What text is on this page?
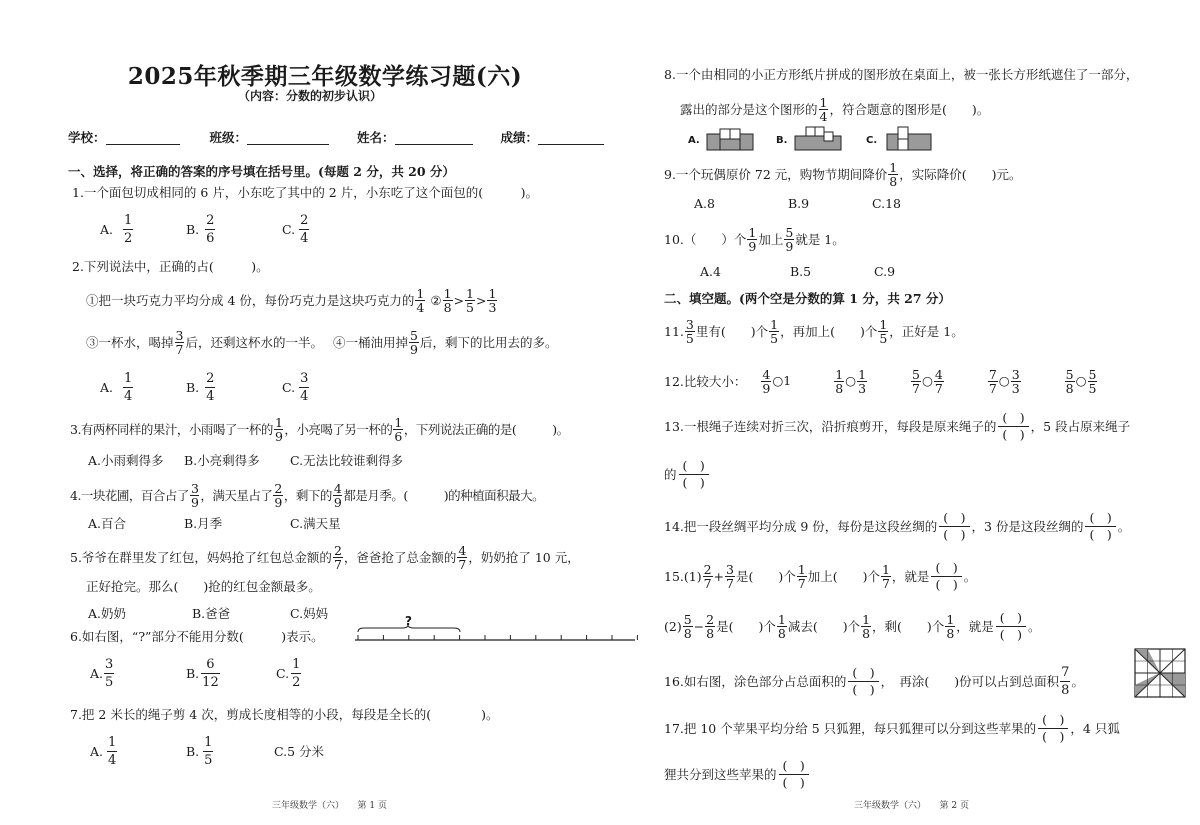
2025年秋季期三年级数学练习题(六)
（内容：分数的初步认识）
学校：	班级：	姓名：	成绩：
一、选择，将正确的答案的序号填在括号里。(每题 2 分，共 20 分）
1.一个面包切成相同的 6 片，小东吃了其中的 2 片，小东吃了这个面包的(　　　)。
A. $\frac{1}{2}$	B. $\frac{2}{6}$	C. $\frac{2}{4}$
2.下列说法中，正确的占(　　　)。
①把一块巧克力平均分成 4 份，每份巧克力是这块巧克力的 $\frac{1}{4}$ ② $\frac{1}{8} > \frac{1}{5} > \frac{1}{3}$
③一杯水，喝掉 $\frac{3}{7}$ 后，还剩这杯水的一半。 ④一桶油用掉 $\frac{5}{9}$ 后，剩下的比用去的多。
A. $\frac{1}{4}$	B. $\frac{2}{4}$	C. $\frac{3}{4}$
3.有两杯同样的果汁，小雨喝了一杯的 $\frac{1}{9}$ ，小亮喝了另一杯的 $\frac{1}{6}$ ，下列说法正确的是(　　　)。
A.小雨剩得多 B.小亮剩得多 C.无法比较谁剩得多
4.一块花圃，百合占了 $\frac{3}{9}$ ，满天星占了 $\frac{2}{9}$ ，剩下的 $\frac{4}{9}$ 都是月季。(　　　)的种植面积最大。
A.百合	B.月季	C.满天星
5.爷爷在群里发了红包，妈妈抢了红包总金额的 $\frac{2}{7}$ ，爸爸抢了总金额的 $\frac{4}{7}$ ，奶奶抢了 10 元，
正好抢完。那么(　　)抢的红包金额最多。
A.奶奶	B.爸爸	C.妈妈
6.如右图，“?”部分不能用分数(　　　)表示。
?
A. $\frac{3}{5}$	B. $\frac{6}{12}$	C. $\frac{1}{2}$
7.把 2 米长的绳子剪 4 次，剪成长度相等的小段，每段是全长的(　　　　)。
A. $\frac{1}{4}$	B. $\frac{1}{5}$	C.5 分米
三年级数学（六）　　第 1 页
8.一个由相同的小正方形纸片拼成的图形放在桌面上，被一张长方形纸遮住了一部分，
露出的部分是这个图形的 $\frac{1}{4}$ ，符合题意的图形是(　　)。
A.	B.	C.
9.一个玩偶原价 72 元，购物节期间降价 $\frac{1}{8}$ ，实际降价(　　)元。
A.8	B.9	C.18
10.（　　）个 $\frac{1}{9}$ 加上 $\frac{5}{9}$ 就是 1。
A.4	B.5	C.9
二、填空题。(两个空是分数的算 1 分，共 27 分）
11. $\frac{3}{5}$ 里有(　　)个 $\frac{1}{5}$ ，再加上(　　)个 $\frac{1}{5}$ ，正好是 1。
12.比较大小： $\frac{4}{9}$ ○1	$\frac{1}{8}$ ○ $\frac{1}{3}$
	$\frac{5}{7}$ ○ $\frac{4}{7}$
	$\frac{7}{7}$ ○ $\frac{3}{3}$
	$\frac{5}{8}$ ○ $\frac{5}{5}$
13.一根绳子连续对折三次，沿折痕剪开，每段是原来绳子的
(　)
(　)
，5 段占原来绳子
的
(　)
(　)
14.把一段丝绸平均分成 9 份，每份是这段丝绸的
(　)
(　)
，3 份是这段丝绸的
(　)
(　)
。
$15.(1) \frac{2}{7} + \frac{3}{7}$ 是(　　)个 $\frac{1}{7}$ 加上(　　)个 $\frac{1}{7}$ ，就是
(　)
(　)
。
$(2) \frac{5}{8} - \frac{2}{8}$ 是(　　)个 $\frac{1}{8}$ 减去(　　)个 $\frac{1}{8}$ ，剩(　　)个 $\frac{1}{8}$ ，就是
(　)
(　)
。
16.如右图，涂色部分占总面积的
(　)
(　)
，　再涂(　　)份可以占到总面积 $\frac{7}{8}$ 。
17.把 10 个苹果平均分给 5 只狐狸，每只狐狸可以分到这些苹果的
(　)
(　)
，4 只狐
狸共分到这些苹果的
(　)
(　)
三年级数学（六）　　第 2 页
